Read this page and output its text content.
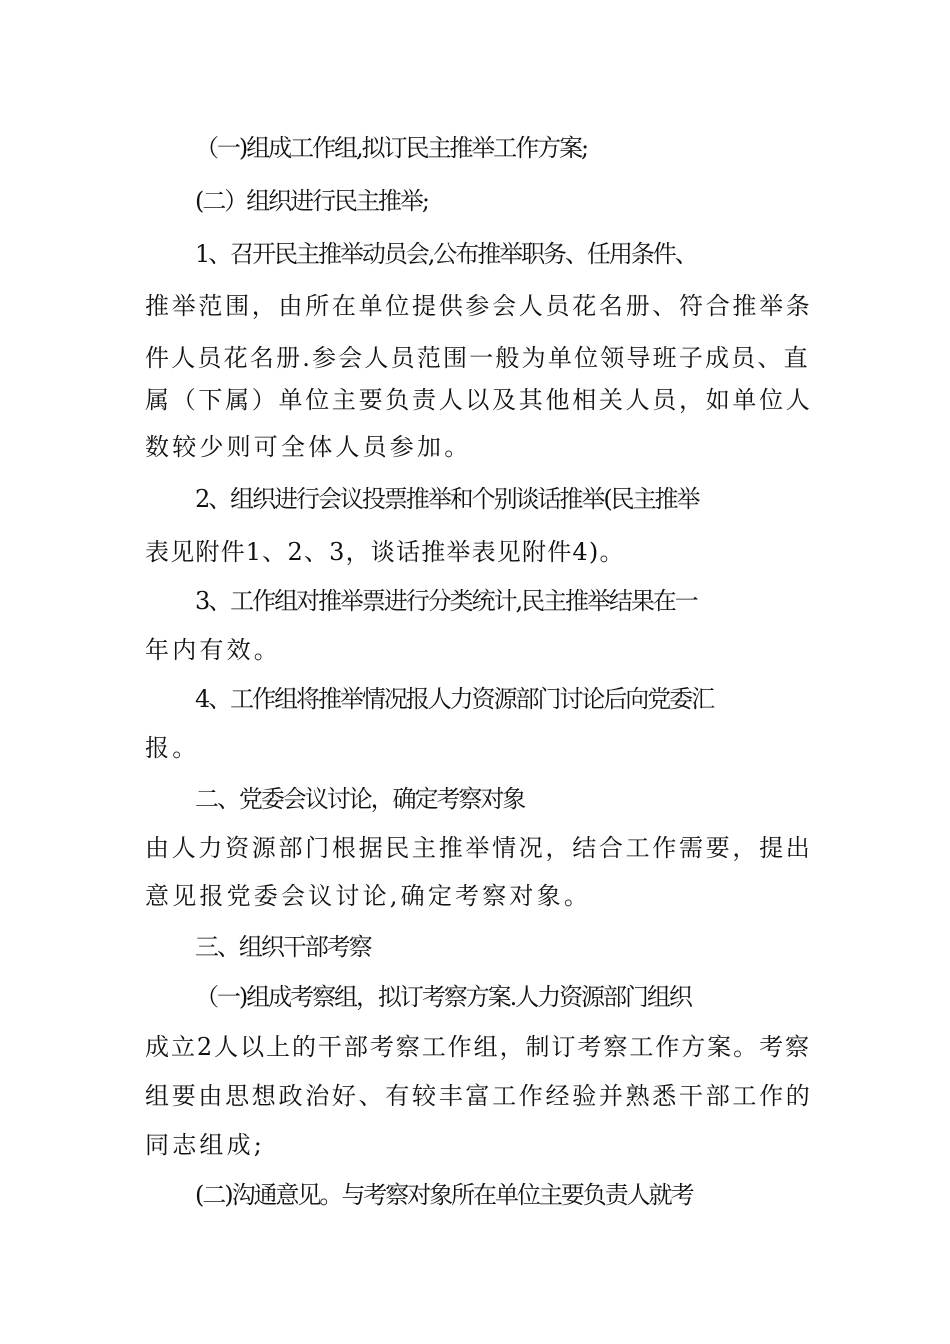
（一)组成工作组,拟订民主推举工作方案;
(二）组织进行民主推举;
1、召开民主推举动员会,公布推举职务、任用条件、
推举范围，由所在单位提供参会人员花名册、符合推举条
件人员花名册.参会人员范围一般为单位领导班子成员、直
属（下属）单位主要负责人以及其他相关人员，如单位人
数较少则可全体人员参加。
2、组织进行会议投票推举和个别谈话推举(民主推举
表见附件1、2、3，谈话推举表见附件4)。
3、工作组对推举票进行分类统计,民主推举结果在一
年内有效。
4、工作组将推举情况报人力资源部门讨论后向党委汇
报。
二、党委会议讨论，确定考察对象
由人力资源部门根据民主推举情况，结合工作需要，提出
意见报党委会议讨论,确定考察对象。
三、组织干部考察
（一)组成考察组，拟订考察方案.人力资源部门组织
成立2人以上的干部考察工作组，制订考察工作方案。考察
组要由思想政治好、有较丰富工作经验并熟悉干部工作的
同志组成;
(二)沟通意见。与考察对象所在单位主要负责人就考
